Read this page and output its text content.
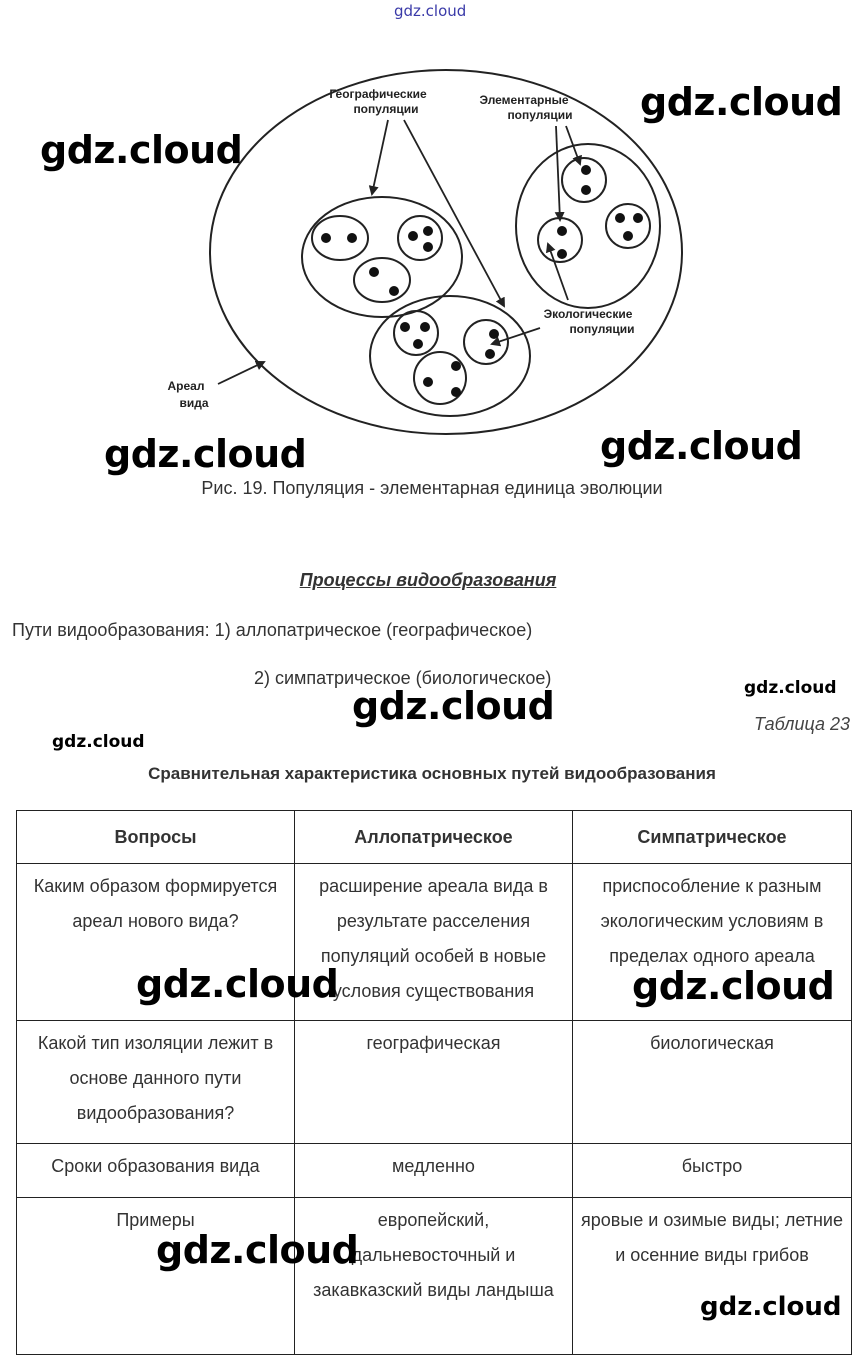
Географические
популяции
Элементарные
популяции
Экологические
популяции
Ареал
вида
Рис. 19. Популяция - элементарная единица эволюции
Процессы видообразования
Пути видообразования: 1) аллопатрическое (географическое)
2) симпатрическое (биологическое)
Таблица 23
Сравнительная характеристика основных путей видообразования
Вопросы	Аллопатрическое	Симпатрическое
Каким образом формируется ареал нового вида?	расширение ареала вида в результате расселения популяций особей в новые условия существования	приспособление к разным экологическим условиям в пределах одного ареала
Какой тип изоляции лежит в основе данного пути видообразования?	географическая	биологическая
Сроки образования вида	медленно	быстро
Примеры	европейский, дальневосточный и закавказский виды ландыша	яровые и озимые виды; летние и осенние виды грибов
gdz.cloud
gdz.cloud
gdz.cloud
gdz.cloud	gdz.cloud
gdz.cloud	gdz.cloud
gdz.cloud
gdz.cloud	gdz.cloud
gdz.cloud
gdz.cloud
